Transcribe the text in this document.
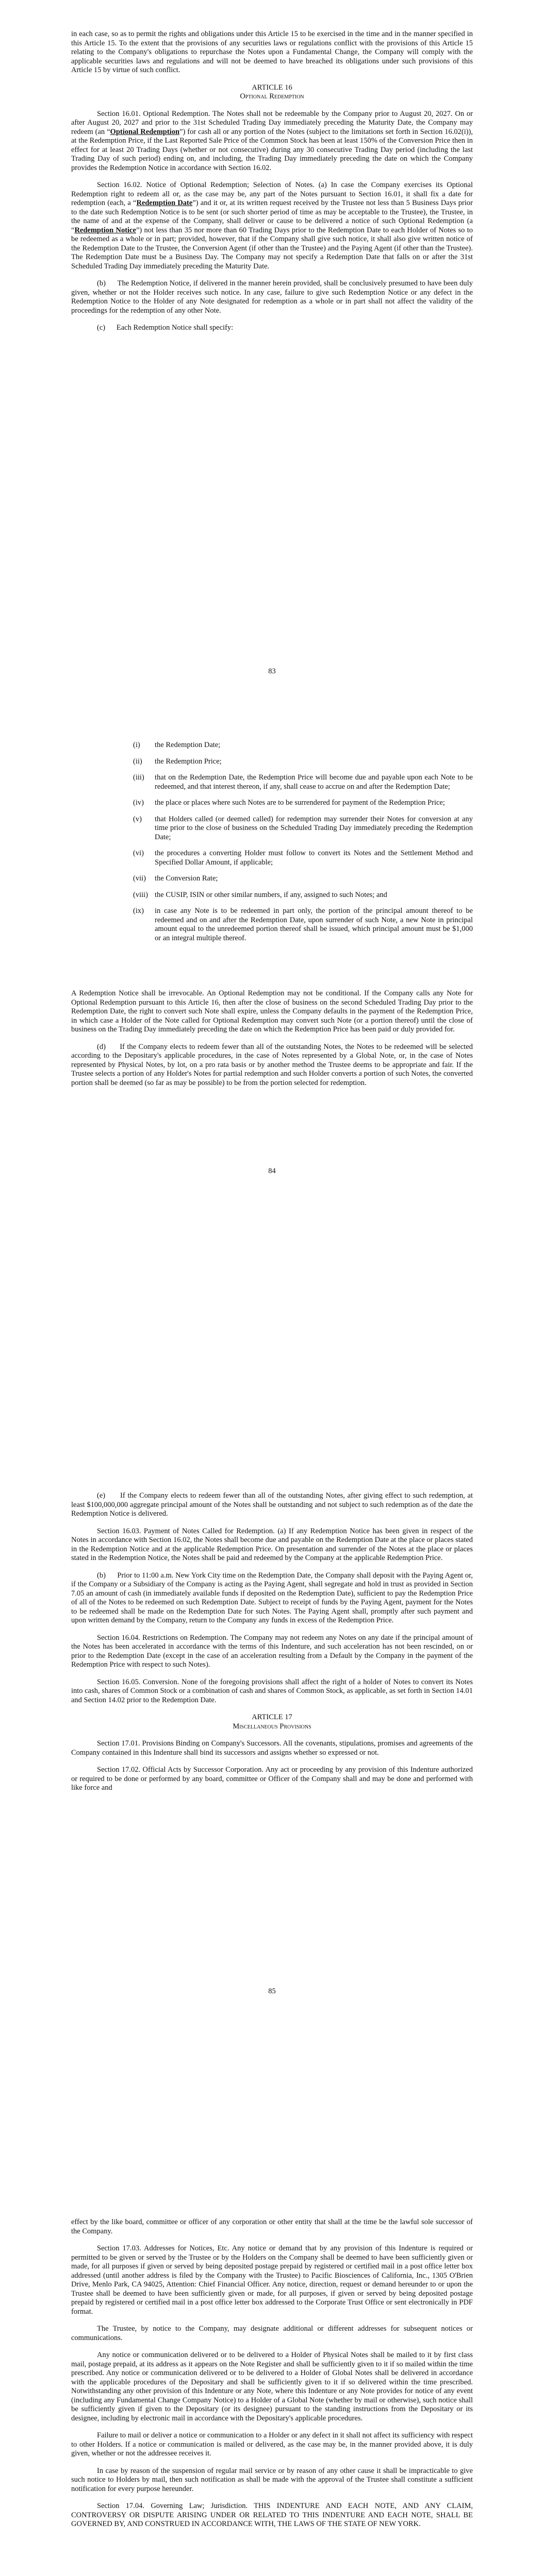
in each case, so as to permit the rights and obligations under this Article 15 to be exercised in the time and in the manner specified in this Article 15. To the extent that the provisions of any securities laws or regulations conflict with the provisions of this Article 15 relating to the Company's obligations to repurchase the Notes upon a Fundamental Change, the Company will comply with the applicable securities laws and regulations and will not be deemed to have breached its obligations under such provisions of this Article 15 by virtue of such conflict.

ARTICLE 16
Optional Redemption

Section 16.01. Optional Redemption. The Notes shall not be redeemable by the Company prior to August 20, 2027. On or after August 20, 2027 and prior to the 31st Scheduled Trading Day immediately preceding the Maturity Date, the Company may redeem (an “Optional Redemption”) for cash all or any portion of the Notes (subject to the limitations set forth in Section 16.02(i)), at the Redemption Price, if the Last Reported Sale Price of the Common Stock has been at least 150% of the Conversion Price then in effect for at least 20 Trading Days (whether or not consecutive) during any 30 consecutive Trading Day period (including the last Trading Day of such period) ending on, and including, the Trading Day immediately preceding the date on which the Company provides the Redemption Notice in accordance with Section 16.02.

Section 16.02. Notice of Optional Redemption; Selection of Notes. (a) In case the Company exercises its Optional Redemption right to redeem all or, as the case may be, any part of the Notes pursuant to Section 16.01, it shall fix a date for redemption (each, a “Redemption Date”) and it or, at its written request received by the Trustee not less than 5 Business Days prior to the date such Redemption Notice is to be sent (or such shorter period of time as may be acceptable to the Trustee), the Trustee, in the name of and at the expense of the Company, shall deliver or cause to be delivered a notice of such Optional Redemption (a “Redemption Notice”) not less than 35 nor more than 60 Trading Days prior to the Redemption Date to each Holder of Notes so to be redeemed as a whole or in part; provided, however, that if the Company shall give such notice, it shall also give written notice of the Redemption Date to the Trustee, the Conversion Agent (if other than the Trustee) and the Paying Agent (if other than the Trustee). The Redemption Date must be a Business Day. The Company may not specify a Redemption Date that falls on or after the 31st Scheduled Trading Day immediately preceding the Maturity Date.

(b)      The Redemption Notice, if delivered in the manner herein provided, shall be conclusively presumed to have been duly given, whether or not the Holder receives such notice. In any case, failure to give such Redemption Notice or any defect in the Redemption Notice to the Holder of any Note designated for redemption as a whole or in part shall not affect the validity of the proceedings for the redemption of any other Note.

(c)      Each Redemption Notice shall specify:

83
(i)	the Redemption Date;
(ii)	the Redemption Price;
(iii)	that on the Redemption Date, the Redemption Price will become due and payable upon each Note to be redeemed, and that interest thereon, if any, shall cease to accrue on and after the Redemption Date;
(iv)	the place or places where such Notes are to be surrendered for payment of the Redemption Price;
(v)	that Holders called (or deemed called) for redemption may surrender their Notes for conversion at any time prior to the close of business on the Scheduled Trading Day immediately preceding the Redemption Date;
(vi)	the procedures a converting Holder must follow to convert its Notes and the Settlement Method and Specified Dollar Amount, if applicable;
(vii)	the Conversion Rate;
(viii) the CUSIP, ISIN or other similar numbers, if any, assigned to such Notes; and
(ix)	in case any Note is to be redeemed in part only, the portion of the principal amount thereof to be redeemed and on and after the Redemption Date, upon surrender of such Note, a new Note in principal amount equal to the unredeemed portion thereof shall be issued, which principal amount must be $1,000 or an integral multiple thereof.

A Redemption Notice shall be irrevocable. An Optional Redemption may not be conditional. If the Company calls any Note for Optional Redemption pursuant to this Article 16, then after the close of business on the second Scheduled Trading Day prior to the Redemption Date, the right to convert such Note shall expire, unless the Company defaults in the payment of the Redemption Price, in which case a Holder of the Note called for Optional Redemption may convert such Note (or a portion thereof) until the close of business on the Trading Day immediately preceding the date on which the Redemption Price has been paid or duly provided for.

(d)      If the Company elects to redeem fewer than all of the outstanding Notes, the Notes to be redeemed will be selected according to the Depositary's applicable procedures, in the case of Notes represented by a Global Note, or, in the case of Notes represented by Physical Notes, by lot, on a pro rata basis or by another method the Trustee deems to be appropriate and fair. If the Trustee selects a portion of any Holder's Notes for partial redemption and such Holder converts a portion of such Notes, the converted portion shall be deemed (so far as may be possible) to be from the portion selected for redemption.

84

(e)      If the Company elects to redeem fewer than all of the outstanding Notes, after giving effect to such redemption, at least $100,000,000 aggregate principal amount of the Notes shall be outstanding and not subject to such redemption as of the date the Redemption Notice is delivered.

Section 16.03. Payment of Notes Called for Redemption. (a) If any Redemption Notice has been given in respect of the Notes in accordance with Section 16.02, the Notes shall become due and payable on the Redemption Date at the place or places stated in the Redemption Notice and at the applicable Redemption Price. On presentation and surrender of the Notes at the place or places stated in the Redemption Notice, the Notes shall be paid and redeemed by the Company at the applicable Redemption Price.

(b)      Prior to 11:00 a.m. New York City time on the Redemption Date, the Company shall deposit with the Paying Agent or, if the Company or a Subsidiary of the Company is acting as the Paying Agent, shall segregate and hold in trust as provided in Section 7.05 an amount of cash (in immediately available funds if deposited on the Redemption Date), sufficient to pay the Redemption Price of all of the Notes to be redeemed on such Redemption Date. Subject to receipt of funds by the Paying Agent, payment for the Notes to be redeemed shall be made on the Redemption Date for such Notes. The Paying Agent shall, promptly after such payment and upon written demand by the Company, return to the Company any funds in excess of the Redemption Price.

Section 16.04. Restrictions on Redemption. The Company may not redeem any Notes on any date if the principal amount of the Notes has been accelerated in accordance with the terms of this Indenture, and such acceleration has not been rescinded, on or prior to the Redemption Date (except in the case of an acceleration resulting from a Default by the Company in the payment of the Redemption Price with respect to such Notes).

Section 16.05. Conversion. None of the foregoing provisions shall affect the right of a holder of Notes to convert its Notes into cash, shares of Common Stock or a combination of cash and shares of Common Stock, as applicable, as set forth in Section 14.01 and Section 14.02 prior to the Redemption Date.

ARTICLE 17
Miscellaneous Provisions

Section 17.01. Provisions Binding on Company's Successors. All the covenants, stipulations, promises and agreements of the Company contained in this Indenture shall bind its successors and assigns whether so expressed or not.

Section 17.02. Official Acts by Successor Corporation. Any act or proceeding by any provision of this Indenture authorized or required to be done or performed by any board, committee or Officer of the Company shall and may be done and performed with like force and

85

effect by the like board, committee or officer of any corporation or other entity that shall at the time be the lawful sole successor of the Company.

Section 17.03. Addresses for Notices, Etc. Any notice or demand that by any provision of this Indenture is required or permitted to be given or served by the Trustee or by the Holders on the Company shall be deemed to have been sufficiently given or made, for all purposes if given or served by being deposited postage prepaid by registered or certified mail in a post office letter box addressed (until another address is filed by the Company with the Trustee) to Pacific Biosciences of California, Inc., 1305 O'Brien Drive, Menlo Park, CA 94025, Attention: Chief Financial Officer. Any notice, direction, request or demand hereunder to or upon the Trustee shall be deemed to have been sufficiently given or made, for all purposes, if given or served by being deposited postage prepaid by registered or certified mail in a post office letter box addressed to the Corporate Trust Office or sent electronically in PDF format.

The Trustee, by notice to the Company, may designate additional or different addresses for subsequent notices or communications.

Any notice or communication delivered or to be delivered to a Holder of Physical Notes shall be mailed to it by first class mail, postage prepaid, at its address as it appears on the Note Register and shall be sufficiently given to it if so mailed within the time prescribed. Any notice or communication delivered or to be delivered to a Holder of Global Notes shall be delivered in accordance with the applicable procedures of the Depositary and shall be sufficiently given to it if so delivered within the time prescribed. Notwithstanding any other provision of this Indenture or any Note, where this Indenture or any Note provides for notice of any event (including any Fundamental Change Company Notice) to a Holder of a Global Note (whether by mail or otherwise), such notice shall be sufficiently given if given to the Depositary (or its designee) pursuant to the standing instructions from the Depositary or its designee, including by electronic mail in accordance with the Depositary's applicable procedures.

Failure to mail or deliver a notice or communication to a Holder or any defect in it shall not affect its sufficiency with respect to other Holders. If a notice or communication is mailed or delivered, as the case may be, in the manner provided above, it is duly given, whether or not the addressee receives it.

In case by reason of the suspension of regular mail service or by reason of any other cause it shall be impracticable to give such notice to Holders by mail, then such notification as shall be made with the approval of the Trustee shall constitute a sufficient notification for every purpose hereunder.

Section 17.04. Governing Law; Jurisdiction. THIS INDENTURE AND EACH NOTE, AND ANY CLAIM, CONTROVERSY OR DISPUTE ARISING UNDER OR RELATED TO THIS INDENTURE AND EACH NOTE, SHALL BE GOVERNED BY, AND CONSTRUED IN ACCORDANCE WITH, THE LAWS OF THE STATE OF NEW YORK.
